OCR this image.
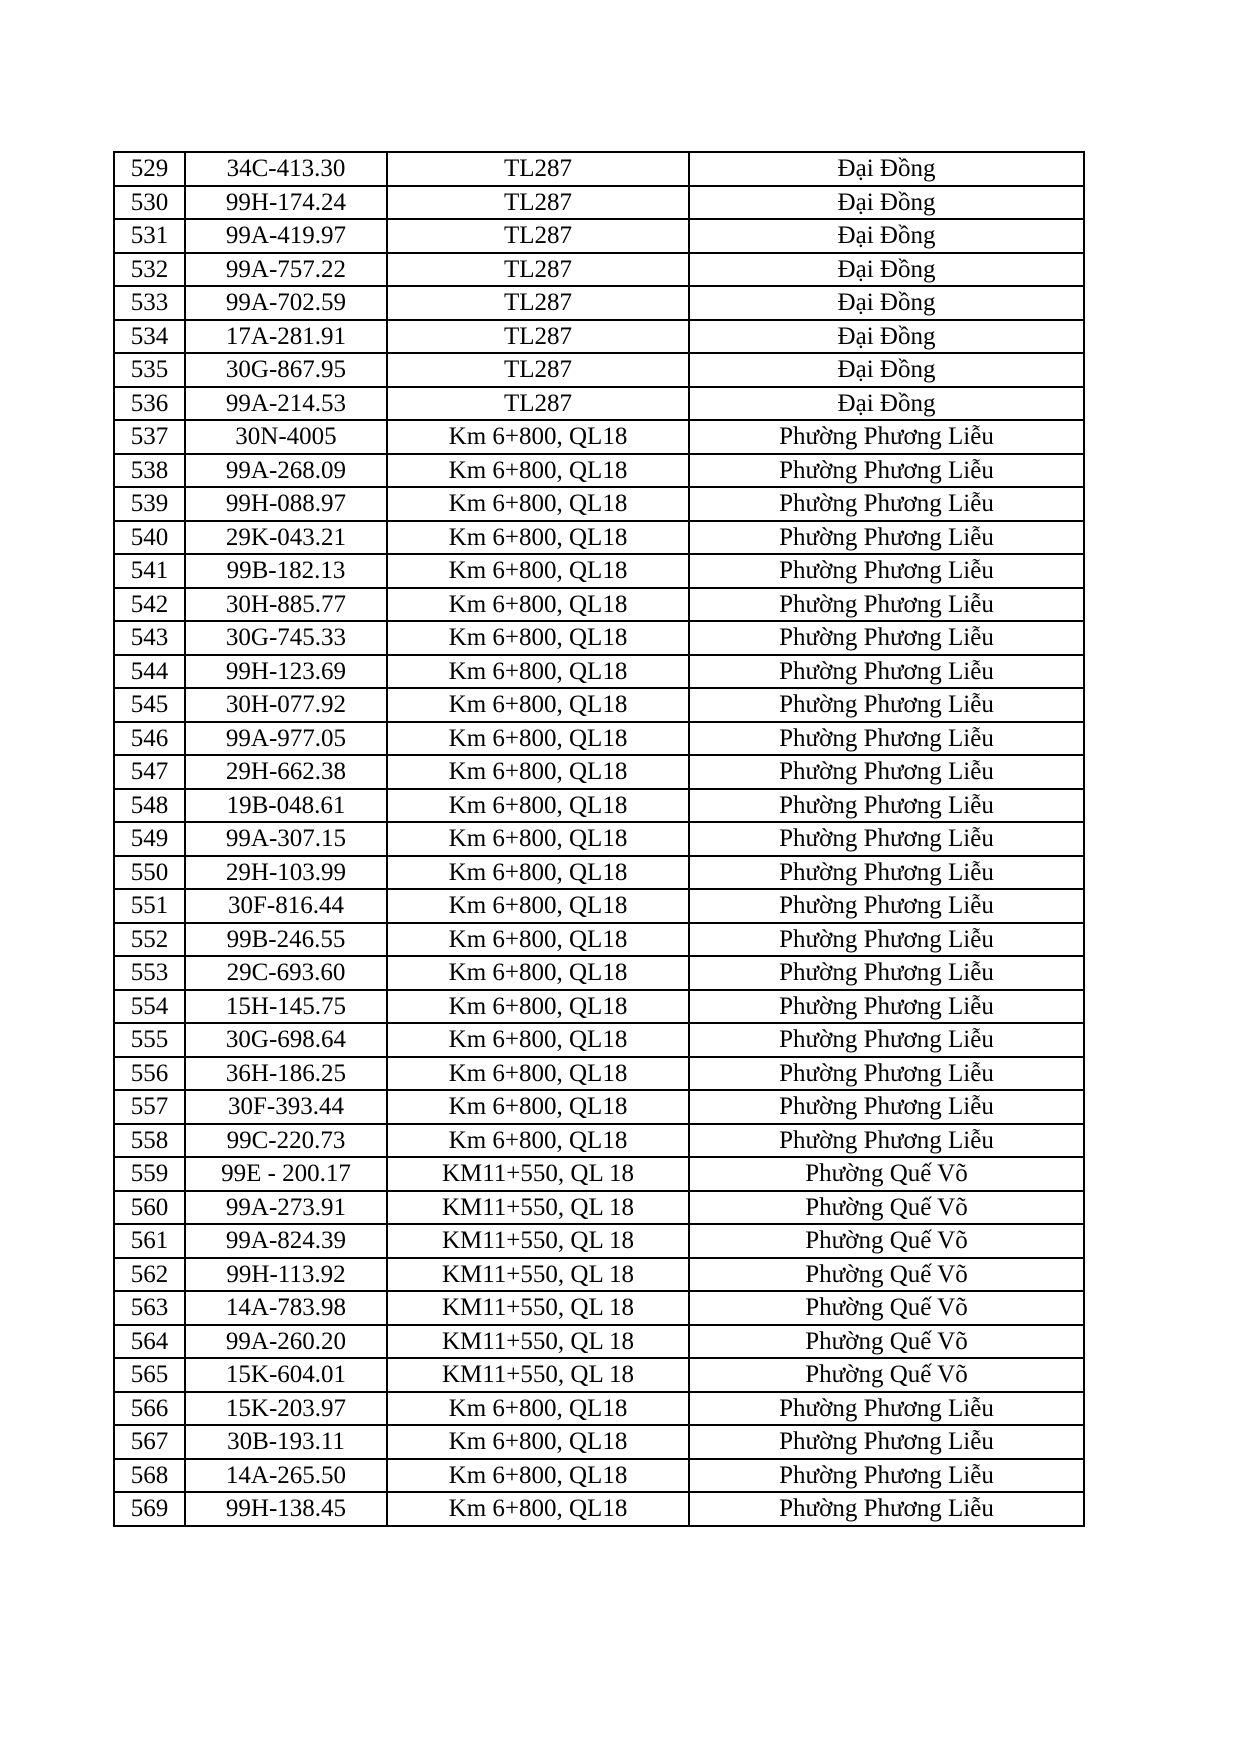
529	34C-413.30	TL287	Đại Đồng
530	99H-174.24	TL287	Đại Đồng
531	99A-419.97	TL287	Đại Đồng
532	99A-757.22	TL287	Đại Đồng
533	99A-702.59	TL287	Đại Đồng
534	17A-281.91	TL287	Đại Đồng
535	30G-867.95	TL287	Đại Đồng
536	99A-214.53	TL287	Đại Đồng
537	30N-4005	Km 6+800, QL18	Phường Phương Liễu
538	99A-268.09	Km 6+800, QL18	Phường Phương Liễu
539	99H-088.97	Km 6+800, QL18	Phường Phương Liễu
540	29K-043.21	Km 6+800, QL18	Phường Phương Liễu
541	99B-182.13	Km 6+800, QL18	Phường Phương Liễu
542	30H-885.77	Km 6+800, QL18	Phường Phương Liễu
543	30G-745.33	Km 6+800, QL18	Phường Phương Liễu
544	99H-123.69	Km 6+800, QL18	Phường Phương Liễu
545	30H-077.92	Km 6+800, QL18	Phường Phương Liễu
546	99A-977.05	Km 6+800, QL18	Phường Phương Liễu
547	29H-662.38	Km 6+800, QL18	Phường Phương Liễu
548	19B-048.61	Km 6+800, QL18	Phường Phương Liễu
549	99A-307.15	Km 6+800, QL18	Phường Phương Liễu
550	29H-103.99	Km 6+800, QL18	Phường Phương Liễu
551	30F-816.44	Km 6+800, QL18	Phường Phương Liễu
552	99B-246.55	Km 6+800, QL18	Phường Phương Liễu
553	29C-693.60	Km 6+800, QL18	Phường Phương Liễu
554	15H-145.75	Km 6+800, QL18	Phường Phương Liễu
555	30G-698.64	Km 6+800, QL18	Phường Phương Liễu
556	36H-186.25	Km 6+800, QL18	Phường Phương Liễu
557	30F-393.44	Km 6+800, QL18	Phường Phương Liễu
558	99C-220.73	Km 6+800, QL18	Phường Phương Liễu
559	99E - 200.17	KM11+550, QL 18	Phường Quế Võ
560	99A-273.91	KM11+550, QL 18	Phường Quế Võ
561	99A-824.39	KM11+550, QL 18	Phường Quế Võ
562	99H-113.92	KM11+550, QL 18	Phường Quế Võ
563	14A-783.98	KM11+550, QL 18	Phường Quế Võ
564	99A-260.20	KM11+550, QL 18	Phường Quế Võ
565	15K-604.01	KM11+550, QL 18	Phường Quế Võ
566	15K-203.97	Km 6+800, QL18	Phường Phương Liễu
567	30B-193.11	Km 6+800, QL18	Phường Phương Liễu
568	14A-265.50	Km 6+800, QL18	Phường Phương Liễu
569	99H-138.45	Km 6+800, QL18	Phường Phương Liễu
